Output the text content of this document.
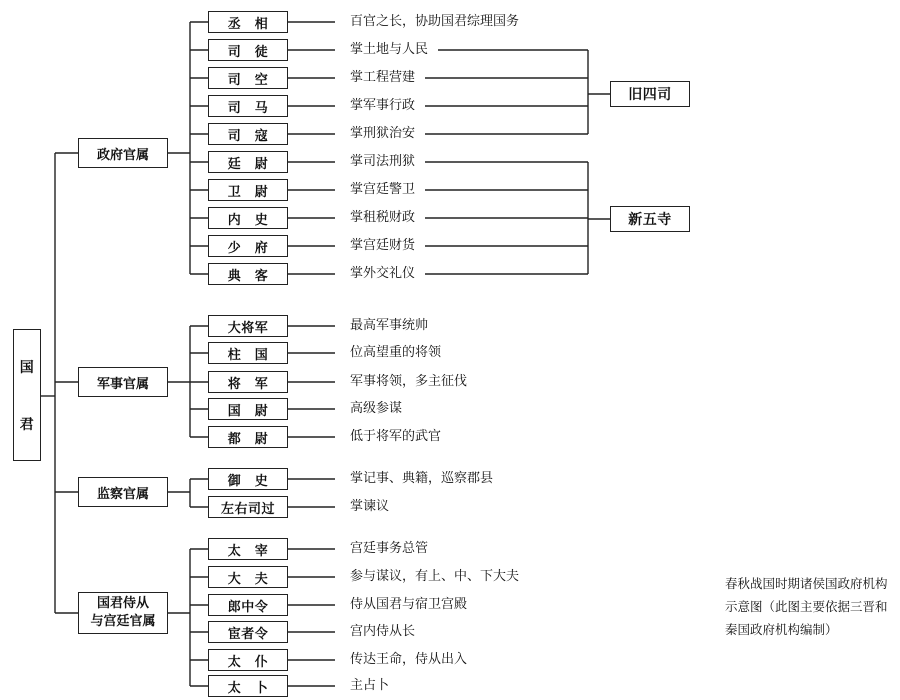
国
君
春秋战国时期诸侯国政府机构示意图（此图主要依据三晋和秦国政府机构编制）
政府官属
丞　相	百官之长，协助国君综理国务
司　徒	掌土地与人民
司　空	掌工程营建
司　马	掌军事行政
司　寇	掌刑狱治安
廷　尉	掌司法刑狱
卫　尉	掌宫廷警卫
内　史	掌租税财政
少　府	掌宫廷财货
典　客	掌外交礼仪
军事官属
大将军	最高军事统帅
柱　国	位高望重的将领
将　军	军事将领，多主征伐
国　尉	高级参谋
都　尉	低于将军的武官
监察官属
御　史	掌记事、典籍，巡察郡县
左右司过	掌谏议
国君侍从
与宫廷官属
太　宰	宫廷事务总管
大　夫	参与谋议，有上、中、下大夫
郎中令	侍从国君与宿卫宫殿
宦者令	宫内侍从长
太　仆	传达王命，侍从出入
太　卜	主占卜
旧四司
新五寺
